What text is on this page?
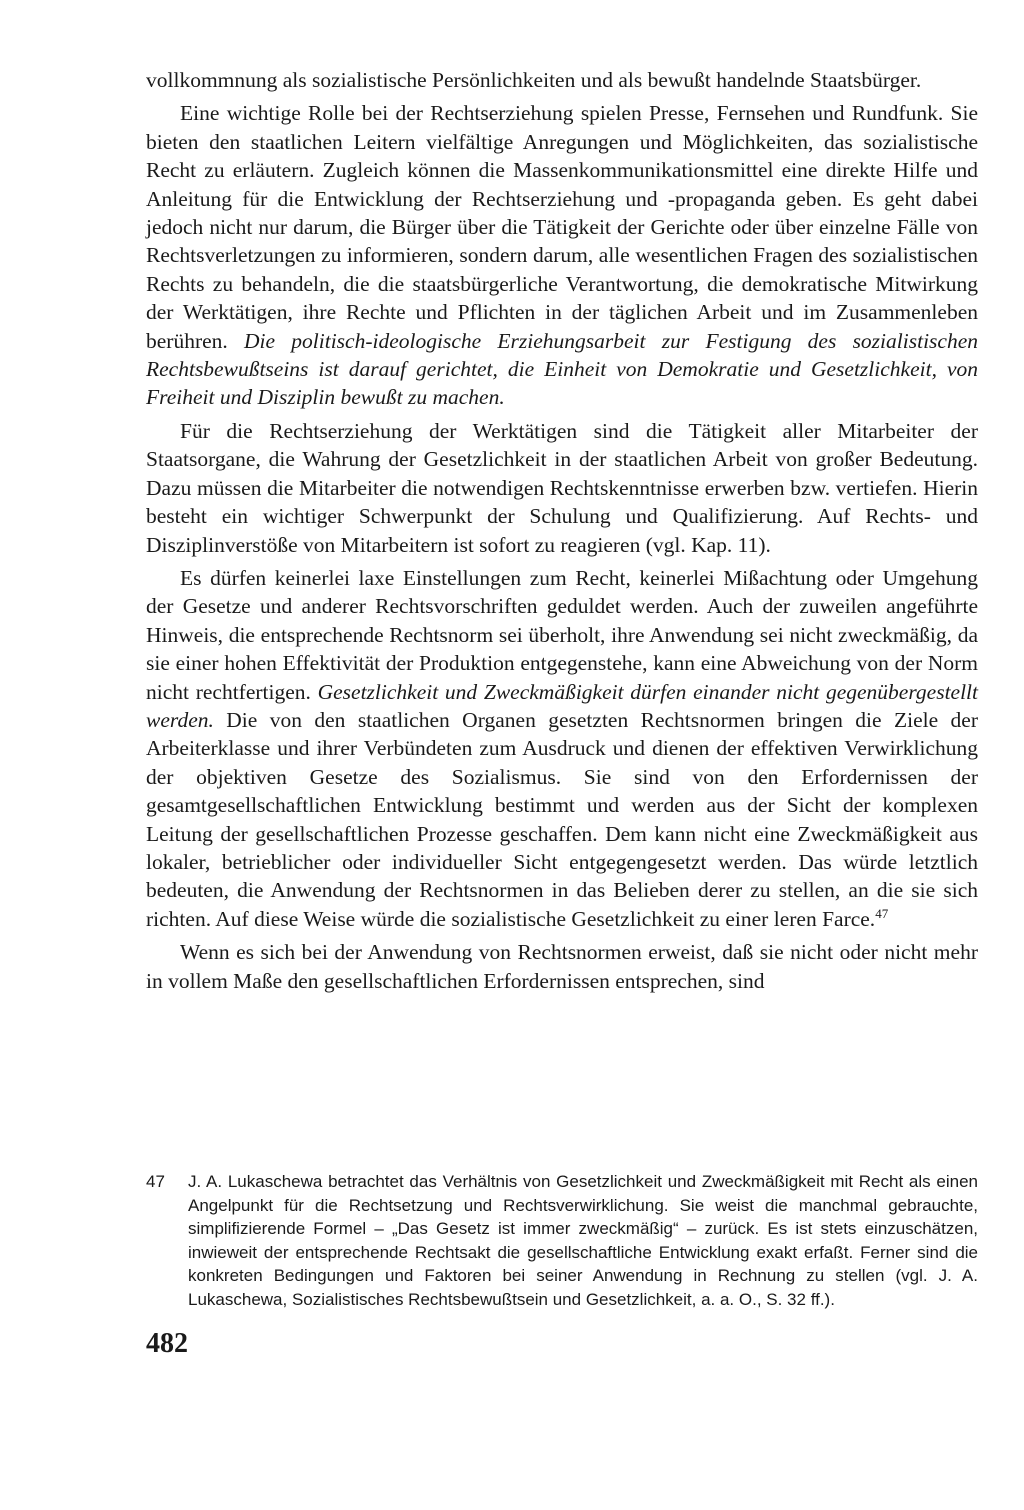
vollkommnung als sozialistische Persönlichkeiten und als bewußt handelnde Staatsbürger.

Eine wichtige Rolle bei der Rechtserziehung spielen Presse, Fernsehen und Rundfunk. Sie bieten den staatlichen Leitern vielfältige Anregungen und Möglichkeiten, das sozialistische Recht zu erläutern. Zugleich können die Massenkommunikationsmittel eine direkte Hilfe und Anleitung für die Entwicklung der Rechtserziehung und -propaganda geben. Es geht dabei jedoch nicht nur darum, die Bürger über die Tätigkeit der Gerichte oder über einzelne Fälle von Rechtsverletzungen zu informieren, sondern darum, alle wesentlichen Fragen des sozialistischen Rechts zu behandeln, die die staatsbürgerliche Verantwortung, die demokratische Mitwirkung der Werktätigen, ihre Rechte und Pflichten in der täglichen Arbeit und im Zusammenleben berühren. Die politisch-ideologische Erziehungsarbeit zur Festigung des sozialistischen Rechtsbewußtseins ist darauf gerichtet, die Einheit von Demokratie und Gesetzlichkeit, von Freiheit und Disziplin bewußt zu machen.

Für die Rechtserziehung der Werktätigen sind die Tätigkeit aller Mitarbeiter der Staatsorgane, die Wahrung der Gesetzlichkeit in der staatlichen Arbeit von großer Bedeutung. Dazu müssen die Mitarbeiter die notwendigen Rechtskenntnisse erwerben bzw. vertiefen. Hierin besteht ein wichtiger Schwerpunkt der Schulung und Qualifizierung. Auf Rechts- und Disziplinverstöße von Mitarbeitern ist sofort zu reagieren (vgl. Kap. 11).

Es dürfen keinerlei laxe Einstellungen zum Recht, keinerlei Mißachtung oder Umgehung der Gesetze und anderer Rechtsvorschriften geduldet werden. Auch der zuweilen angeführte Hinweis, die entsprechende Rechtsnorm sei überholt, ihre Anwendung sei nicht zweckmäßig, da sie einer hohen Effektivität der Produktion entgegenstehe, kann eine Abweichung von der Norm nicht rechtfertigen. Gesetzlichkeit und Zweckmäßigkeit dürfen einander nicht gegenübergestellt werden. Die von den staatlichen Organen gesetzten Rechtsnormen bringen die Ziele der Arbeiterklasse und ihrer Verbündeten zum Ausdruck und dienen der effektiven Verwirklichung der objektiven Gesetze des Sozialismus. Sie sind von den Erfordernissen der gesamtgesellschaftlichen Entwicklung bestimmt und werden aus der Sicht der komplexen Leitung der gesellschaftlichen Prozesse geschaffen. Dem kann nicht eine Zweckmäßigkeit aus lokaler, betrieblicher oder individueller Sicht entgegengesetzt werden. Das würde letztlich bedeuten, die Anwendung der Rechtsnormen in das Belieben derer zu stellen, an die sie sich richten. Auf diese Weise würde die sozialistische Gesetzlichkeit zu einer leren Farce.$^{47}$

Wenn es sich bei der Anwendung von Rechtsnormen erweist, daß sie nicht oder nicht mehr in vollem Maße den gesellschaftlichen Erfordernissen entsprechen, sind

47	J. A. Lukaschewa betrachtet das Verhältnis von Gesetzlichkeit und Zweckmäßigkeit mit Recht als einen Angelpunkt für die Rechtsetzung und Rechtsverwirklichung. Sie weist die manchmal gebrauchte, simplifizierende Formel – „Das Gesetz ist immer zweckmäßig“ – zurück. Es ist stets einzuschätzen, inwieweit der entsprechende Rechtsakt die gesellschaftliche Entwicklung exakt erfaßt. Ferner sind die konkreten Bedingungen und Faktoren bei seiner Anwendung in Rechnung zu stellen (vgl. J. A. Lukaschewa, Sozialistisches Rechtsbewußtsein und Gesetzlichkeit, a. a. O., S. 32 ff.).
482
